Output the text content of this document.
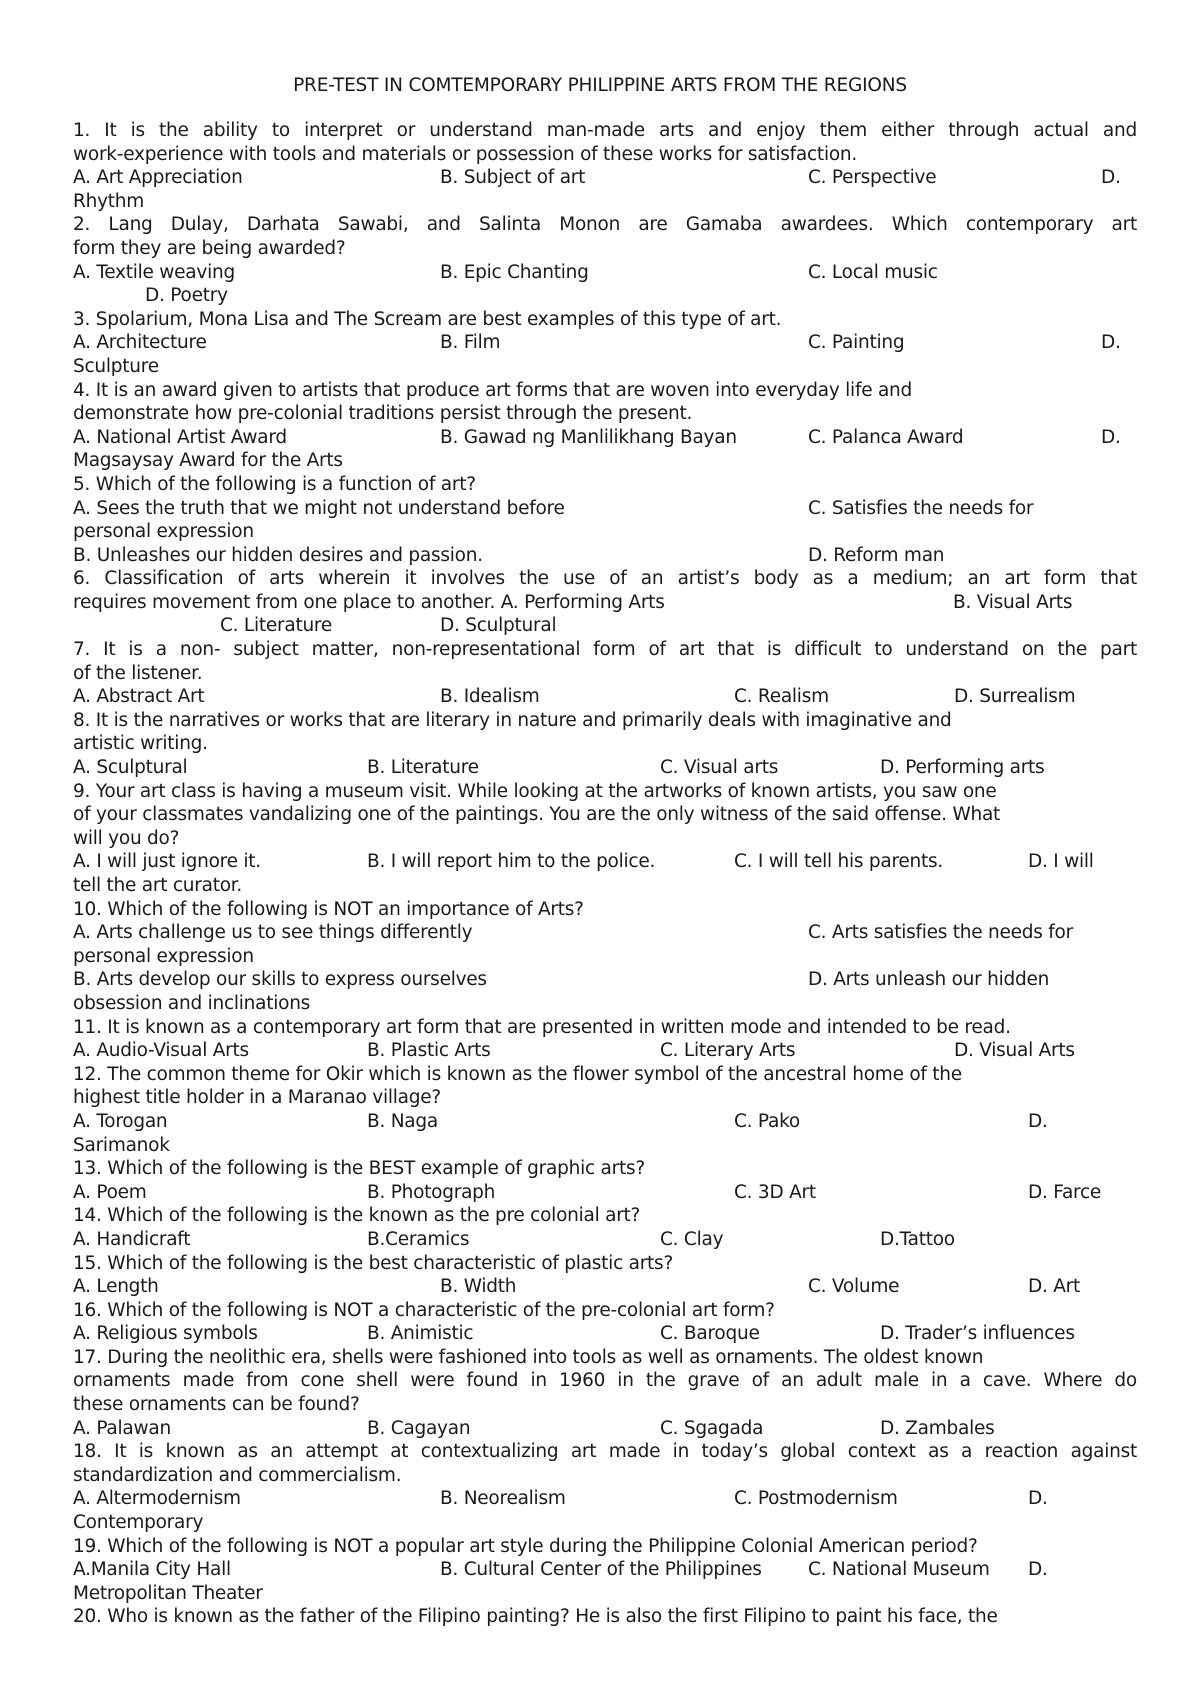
PRE-TEST IN COMTEMPORARY PHILIPPINE ARTS FROM THE REGIONS
1. It is the ability to interpret or understand man-made arts and enjoy them either through actual and
work-experience with tools and materials or possession of these works for satisfaction.
A. Art Appreciation	B. Subject of art	C. Perspective	D.
Rhythm
2. Lang Dulay, Darhata Sawabi, and Salinta Monon are Gamaba awardees. Which contemporary art
form they are being awarded?
A. Textile weaving	B. Epic Chanting	C. Local music
D. Poetry
3. Spolarium, Mona Lisa and The Scream are best examples of this type of art.
A. Architecture	B. Film	C. Painting	D.
Sculpture
4. It is an award given to artists that produce art forms that are woven into everyday life and
demonstrate how pre-colonial traditions persist through the present.
A. National Artist Award	B. Gawad ng Manlilikhang Bayan	C. Palanca Award	D.
Magsaysay Award for the Arts
5. Which of the following is a function of art?
A. Sees the truth that we might not understand before	C. Satisfies the needs for
personal expression
B. Unleashes our hidden desires and passion.	D. Reform man
6. Classification of arts wherein it involves the use of an artist’s body as a medium; an art form that
requires movement from one place to another. A. Performing Arts	B. Visual Arts
C. Literature	D. Sculptural
7. It is a non- subject matter, non-representational form of art that is difficult to understand on the part
of the listener.
A. Abstract Art	B. Idealism	C. Realism	D. Surrealism
8. It is the narratives or works that are literary in nature and primarily deals with imaginative and
artistic writing.
A. Sculptural	B. Literature	C. Visual arts	D. Performing arts
9. Your art class is having a museum visit. While looking at the artworks of known artists, you saw one
of your classmates vandalizing one of the paintings. You are the only witness of the said offense. What
will you do?
A. I will just ignore it.	B. I will report him to the police.	C. I will tell his parents.	D. I will
tell the art curator.
10. Which of the following is NOT an importance of Arts?
A. Arts challenge us to see things differently	C. Arts satisfies the needs for
personal expression
B. Arts develop our skills to express ourselves	D. Arts unleash our hidden
obsession and inclinations
11. It is known as a contemporary art form that are presented in written mode and intended to be read.
A. Audio-Visual Arts	B. Plastic Arts	C. Literary Arts	D. Visual Arts
12. The common theme for Okir which is known as the flower symbol of the ancestral home of the
highest title holder in a Maranao village?
A. Torogan	B. Naga	C. Pako	D.
Sarimanok
13. Which of the following is the BEST example of graphic arts?
A. Poem	B. Photograph	C. 3D Art	D. Farce
14. Which of the following is the known as the pre colonial art?
A. Handicraft	B.Ceramics	C. Clay	D.Tattoo
15. Which of the following is the best characteristic of plastic arts?
A. Length	B. Width	C. Volume	D. Art
16. Which of the following is NOT a characteristic of the pre-colonial art form?
A. Religious symbols	B. Animistic	C. Baroque	D. Trader’s influences
17. During the neolithic era, shells were fashioned into tools as well as ornaments. The oldest known
ornaments made from cone shell were found in 1960 in the grave of an adult male in a cave. Where do
these ornaments can be found?
A. Palawan	B. Cagayan	C. Sgagada	D. Zambales
18. It is known as an attempt at contextualizing art made in today’s global context as a reaction against
standardization and commercialism.
A. Altermodernism	B. Neorealism	C. Postmodernism	D.
Contemporary
19. Which of the following is NOT a popular art style during the Philippine Colonial American period?
A.Manila City Hall	B. Cultural Center of the Philippines	C. National Museum	D.
Metropolitan Theater
20. Who is known as the father of the Filipino painting? He is also the first Filipino to paint his face, the
